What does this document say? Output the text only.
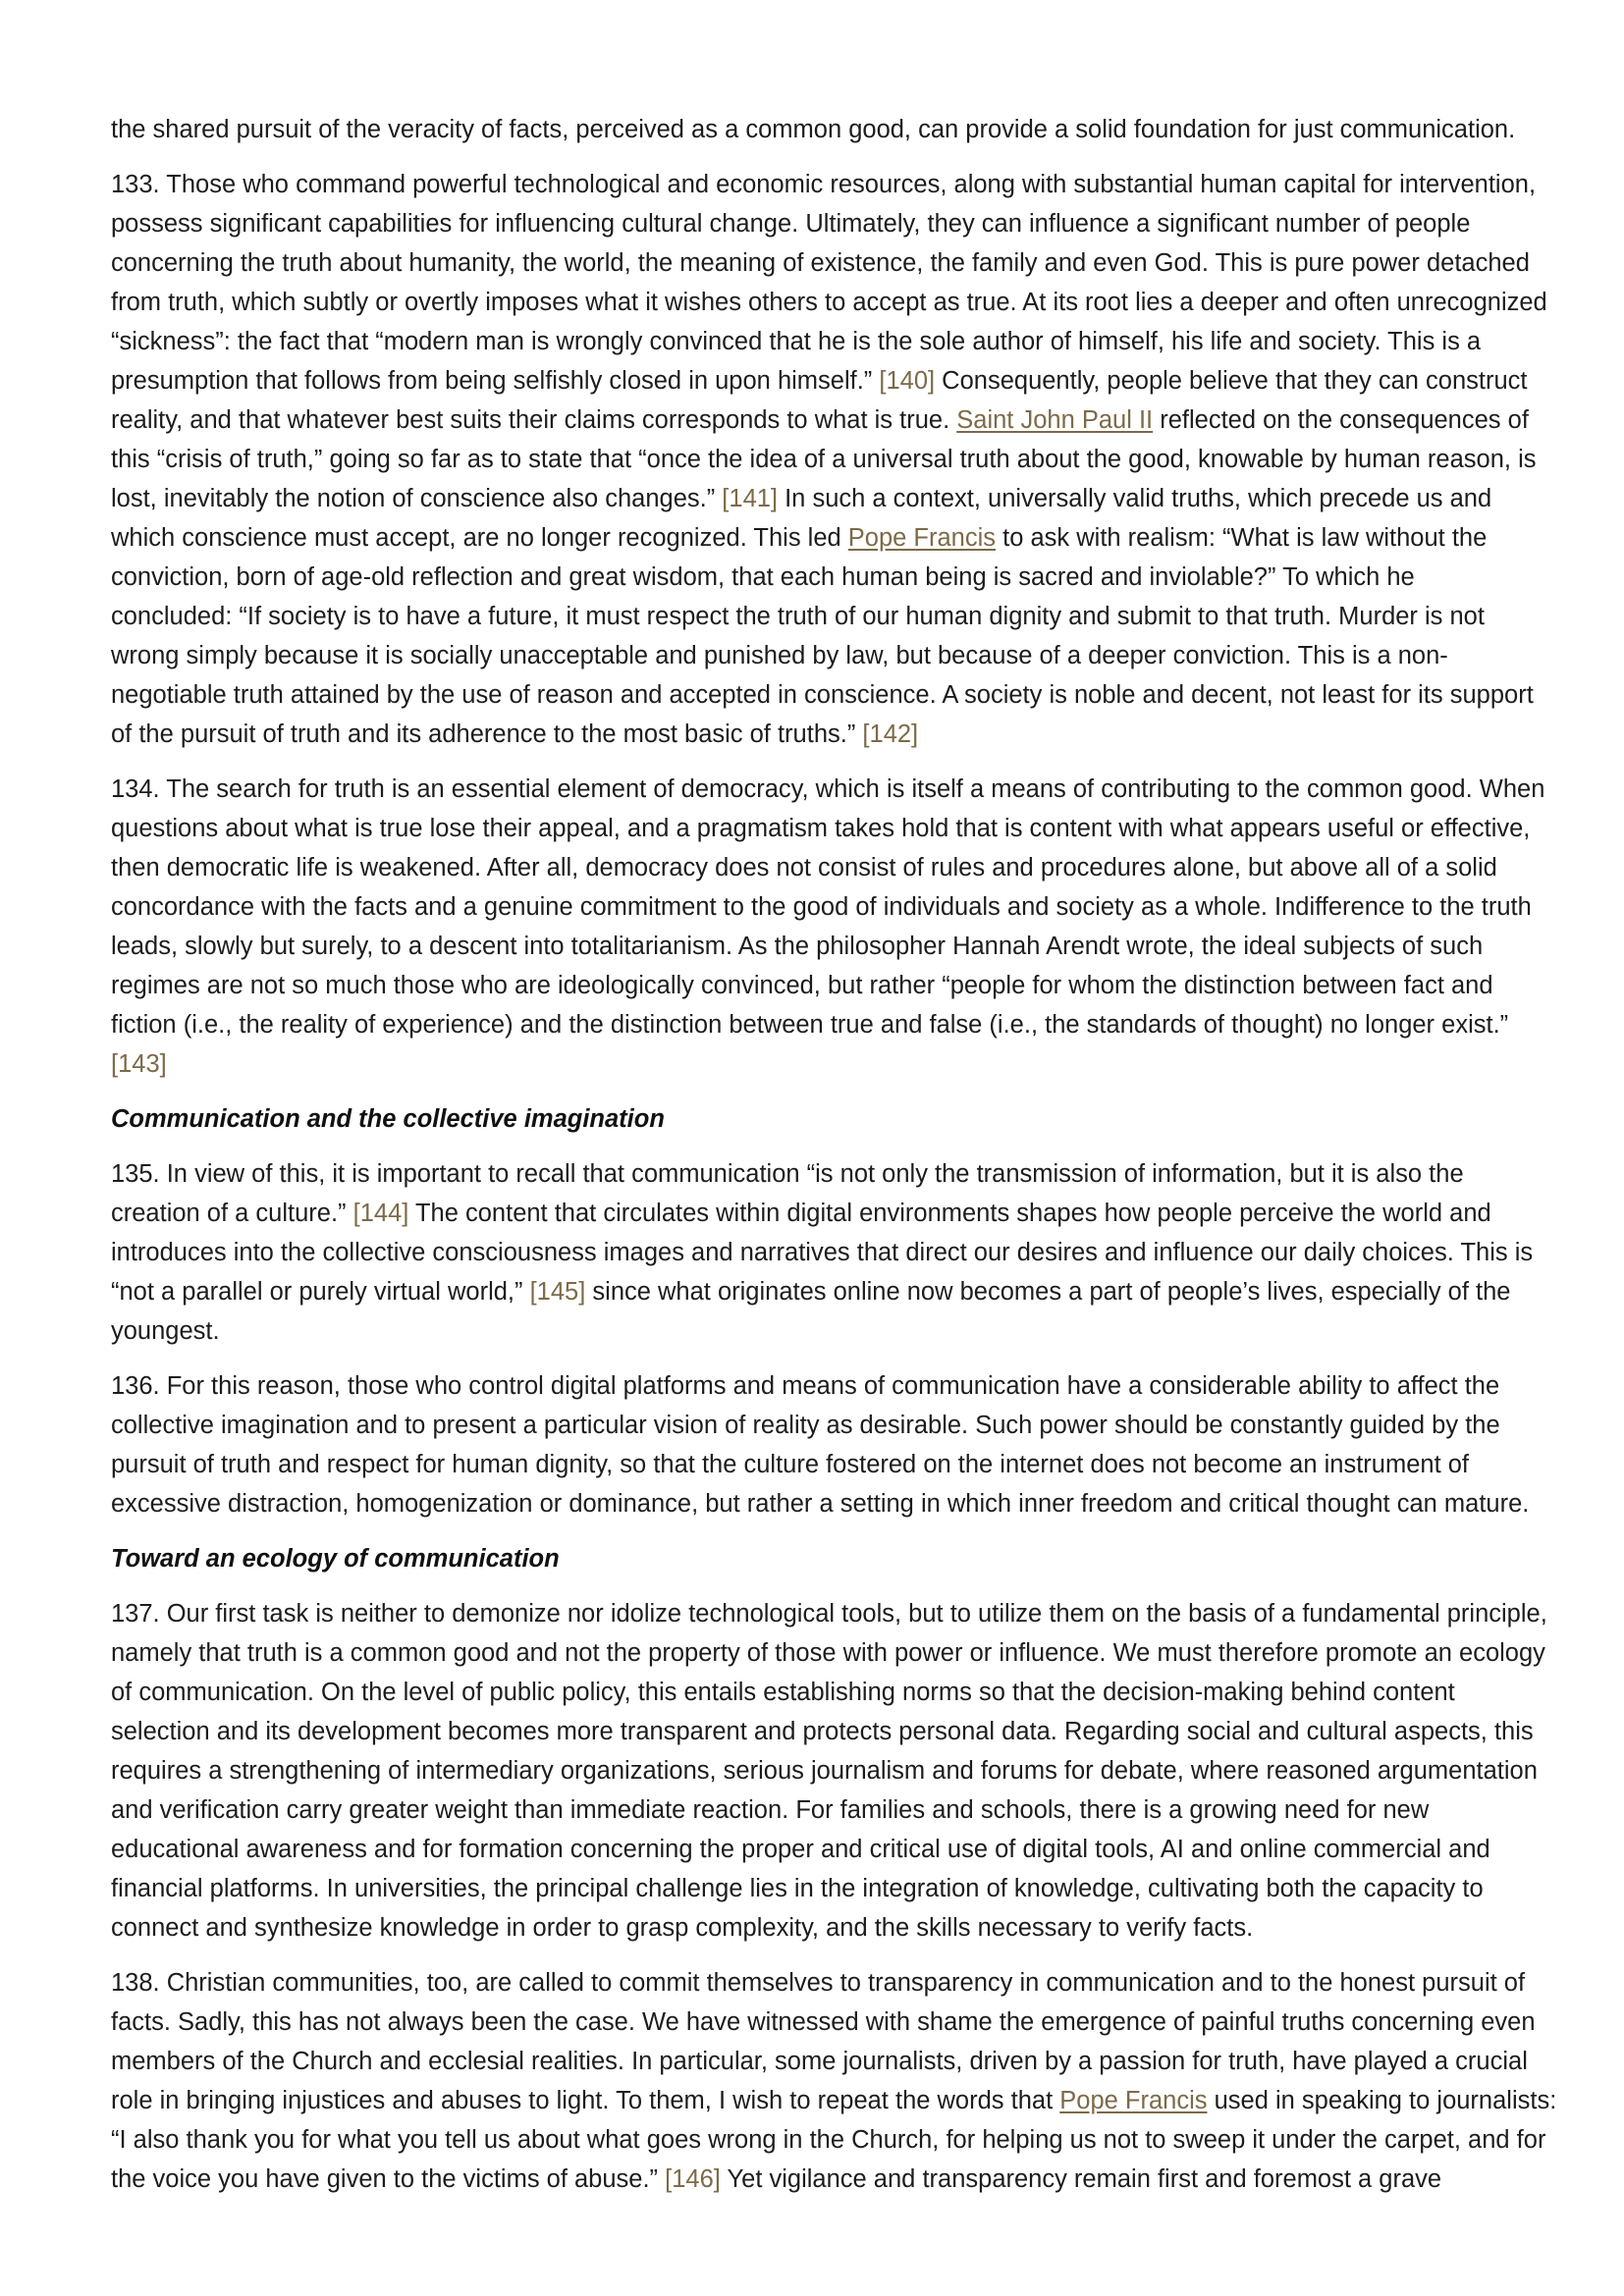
the shared pursuit of the veracity of facts, perceived as a common good, can provide a solid foundation for just communication.

133. Those who command powerful technological and economic resources, along with substantial human capital for intervention,
possess significant capabilities for influencing cultural change. Ultimately, they can influence a significant number of people
concerning the truth about humanity, the world, the meaning of existence, the family and even God. This is pure power detached
from truth, which subtly or overtly imposes what it wishes others to accept as true. At its root lies a deeper and often unrecognized
“sickness”: the fact that “modern man is wrongly convinced that he is the sole author of himself, his life and society. This is a
presumption that follows from being selfishly closed in upon himself.” [140] Consequently, people believe that they can construct
reality, and that whatever best suits their claims corresponds to what is true. Saint John Paul II reflected on the consequences of
this “crisis of truth,” going so far as to state that “once the idea of a universal truth about the good, knowable by human reason, is
lost, inevitably the notion of conscience also changes.” [141] In such a context, universally valid truths, which precede us and
which conscience must accept, are no longer recognized. This led Pope Francis to ask with realism: “What is law without the
conviction, born of age-old reflection and great wisdom, that each human being is sacred and inviolable?” To which he
concluded: “If society is to have a future, it must respect the truth of our human dignity and submit to that truth. Murder is not
wrong simply because it is socially unacceptable and punished by law, but because of a deeper conviction. This is a non-
negotiable truth attained by the use of reason and accepted in conscience. A society is noble and decent, not least for its support
of the pursuit of truth and its adherence to the most basic of truths.” [142]

134. The search for truth is an essential element of democracy, which is itself a means of contributing to the common good. When
questions about what is true lose their appeal, and a pragmatism takes hold that is content with what appears useful or effective,
then democratic life is weakened. After all, democracy does not consist of rules and procedures alone, but above all of a solid
concordance with the facts and a genuine commitment to the good of individuals and society as a whole. Indifference to the truth
leads, slowly but surely, to a descent into totalitarianism. As the philosopher Hannah Arendt wrote, the ideal subjects of such
regimes are not so much those who are ideologically convinced, but rather “people for whom the distinction between fact and
fiction (i.e., the reality of experience) and the distinction between true and false (i.e., the standards of thought) no longer exist.”
[143]

Communication and the collective imagination

135. In view of this, it is important to recall that communication “is not only the transmission of information, but it is also the
creation of a culture.” [144] The content that circulates within digital environments shapes how people perceive the world and
introduces into the collective consciousness images and narratives that direct our desires and influence our daily choices. This is
“not a parallel or purely virtual world,” [145] since what originates online now becomes a part of people’s lives, especially of the
youngest.

136. For this reason, those who control digital platforms and means of communication have a considerable ability to affect the
collective imagination and to present a particular vision of reality as desirable. Such power should be constantly guided by the
pursuit of truth and respect for human dignity, so that the culture fostered on the internet does not become an instrument of
excessive distraction, homogenization or dominance, but rather a setting in which inner freedom and critical thought can mature.

Toward an ecology of communication

137. Our first task is neither to demonize nor idolize technological tools, but to utilize them on the basis of a fundamental principle,
namely that truth is a common good and not the property of those with power or influence. We must therefore promote an ecology
of communication. On the level of public policy, this entails establishing norms so that the decision-making behind content
selection and its development becomes more transparent and protects personal data. Regarding social and cultural aspects, this
requires a strengthening of intermediary organizations, serious journalism and forums for debate, where reasoned argumentation
and verification carry greater weight than immediate reaction. For families and schools, there is a growing need for new
educational awareness and for formation concerning the proper and critical use of digital tools, AI and online commercial and
financial platforms. In universities, the principal challenge lies in the integration of knowledge, cultivating both the capacity to
connect and synthesize knowledge in order to grasp complexity, and the skills necessary to verify facts.

138. Christian communities, too, are called to commit themselves to transparency in communication and to the honest pursuit of
facts. Sadly, this has not always been the case. We have witnessed with shame the emergence of painful truths concerning even
members of the Church and ecclesial realities. In particular, some journalists, driven by a passion for truth, have played a crucial
role in bringing injustices and abuses to light. To them, I wish to repeat the words that Pope Francis used in speaking to journalists:
“I also thank you for what you tell us about what goes wrong in the Church, for helping us not to sweep it under the carpet, and for
the voice you have given to the victims of abuse.” [146] Yet vigilance and transparency remain first and foremost a grave
